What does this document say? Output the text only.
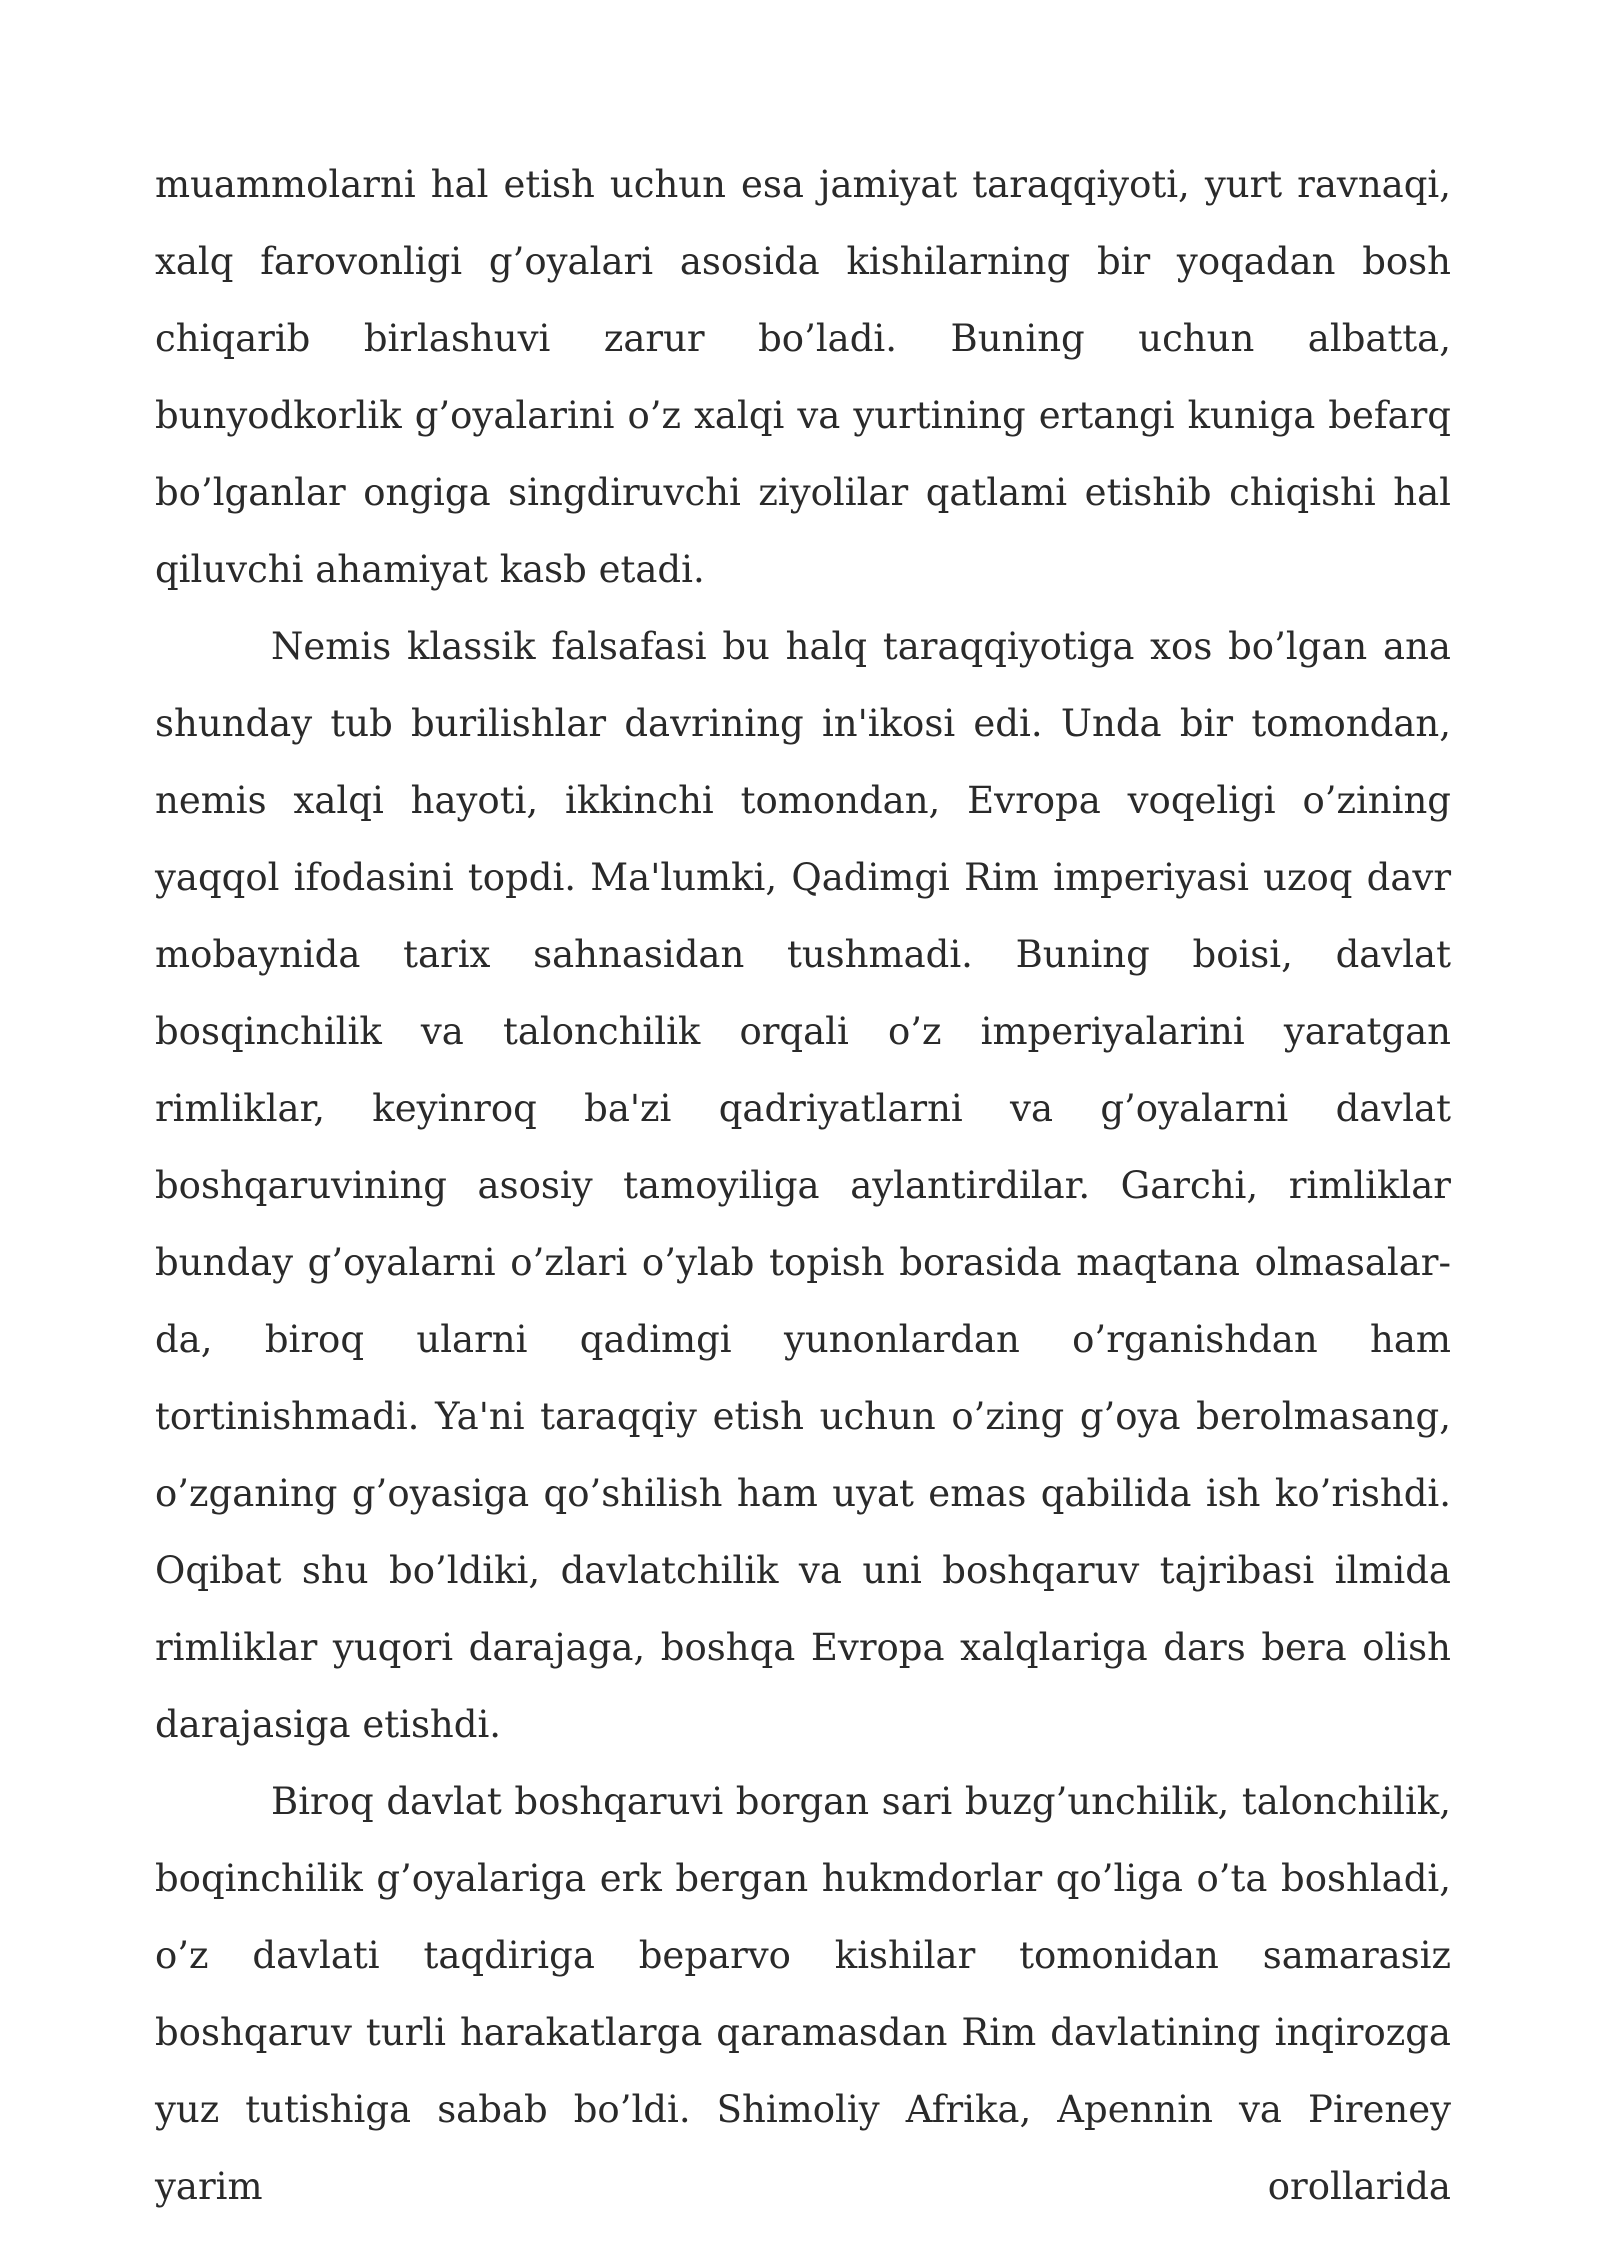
muammolarni hal etish uchun esa jamiyat taraqqiyoti, yurt ravnaqi, xalq farovonligi g’oyalari asosida kishilarning bir yoqadan bosh chiqarib birlashuvi zarur bo’ladi. Buning uchun albatta, bunyodkorlik g’oyalarini o’z xalqi va yurtining ertangi kuniga befarq bo’lganlar ongiga singdiruvchi ziyolilar qatlami etishib chiqishi hal qiluvchi ahamiyat kasb etadi.

Nemis klassik falsafasi bu halq taraqqiyotiga xos bo’lgan ana shunday tub burilishlar davrining in'ikosi edi. Unda bir tomondan, nemis xalqi hayoti, ikkinchi tomondan, Evropa voqeligi o’zining yaqqol ifodasini topdi. Ma'lumki, Qadimgi Rim imperiyasi uzoq davr mobaynida tarix sahnasidan tushmadi. Buning boisi, davlat bosqinchilik va talonchilik orqali o’z imperiyalarini yaratgan rimliklar, keyinroq ba'zi qadriyatlarni va g’oyalarni davlat boshqaruvining asosiy tamoyiliga aylantirdilar. Garchi, rimliklar bunday g’oyalarni o’zlari o’ylab topish borasida maqtana olmasalar-da, biroq ularni qadimgi yunonlardan o’rganishdan ham tortinishmadi. Ya'ni taraqqiy etish uchun o’zing g’oya berolmasang, o’zganing g’oyasiga qo’shilish ham uyat emas qabilida ish ko’rishdi. Oqibat shu bo’ldiki, davlatchilik va uni boshqaruv tajribasi ilmida rimliklar yuqori darajaga, boshqa Evropa xalqlariga dars bera olish darajasiga etishdi.

Biroq davlat boshqaruvi borgan sari buzg’unchilik, talonchilik, boqinchilik g’oyalariga erk bergan hukmdorlar qo’liga o’ta boshladi, o’z davlati taqdiriga beparvo kishilar tomonidan samarasiz boshqaruv turli harakatlarga qaramasdan Rim davlatining inqirozga yuz tutishiga sabab bo’ldi. Shimoliy Afrika, Apennin va Pireney yarim orollarida
